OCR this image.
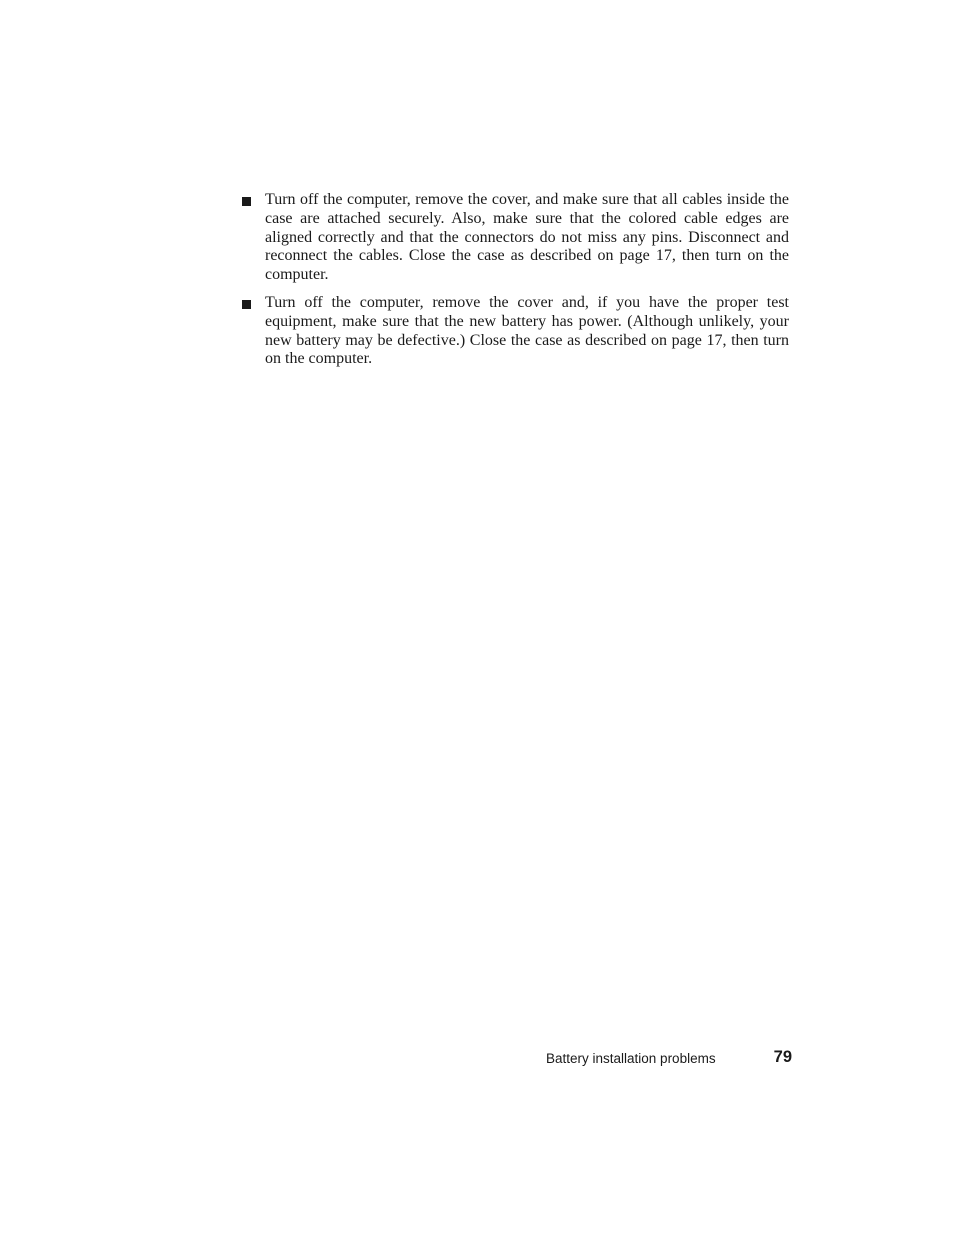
Turn off the computer, remove the cover, and make sure that all cables inside the case are attached securely. Also, make sure that the colored cable edges are aligned correctly and that the connectors do not miss any pins. Disconnect and reconnect the cables. Close the case as described on page 17, then turn on the computer.
Turn off the computer, remove the cover and, if you have the proper test equipment, make sure that the new battery has power. (Although unlikely, your new battery may be defective.) Close the case as described on page 17, then turn on the computer.
Battery installation problems	79
